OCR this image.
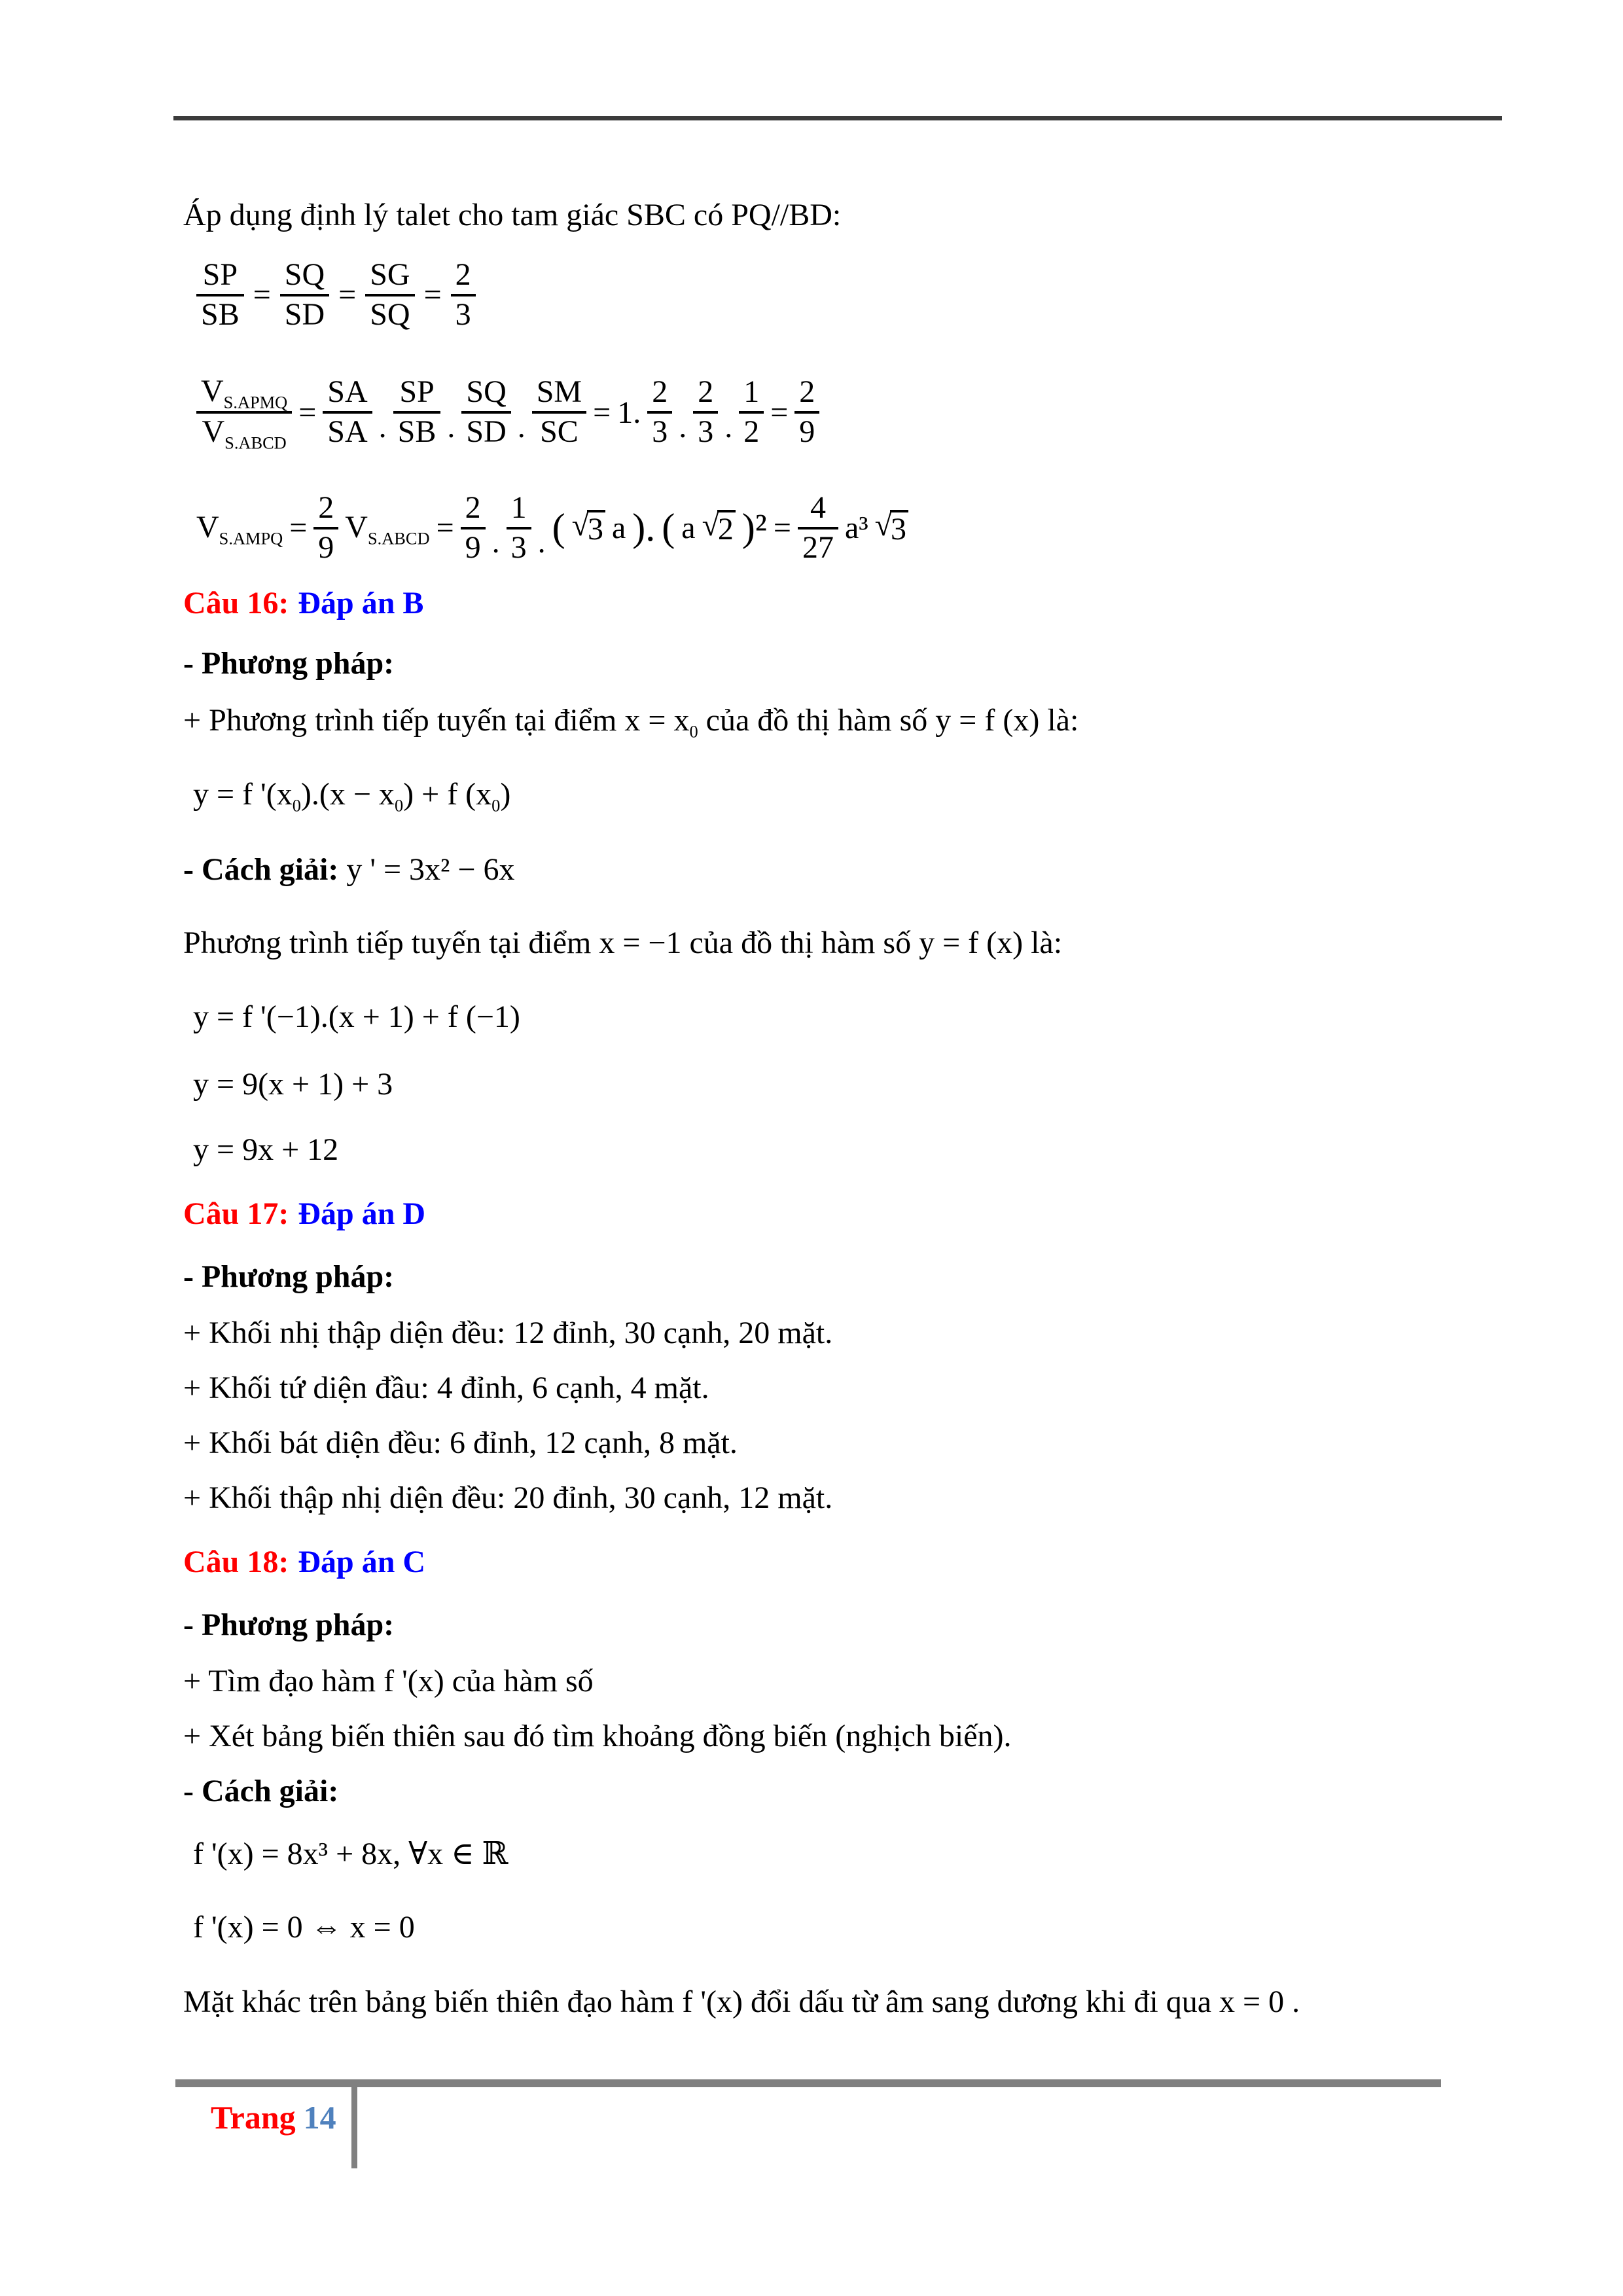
Áp dụng định lý talet cho tam giác SBC có PQ//BD:
$\frac{SP}{SB} = \frac{SQ}{SD} = \frac{SG}{SQ} = \frac{2}{3}$
$\frac{V_{S.APMQ}}{V_{S.ABCD}} = \frac{SA}{SA}$ . $\frac{SP}{SB}$ . $\frac{SQ}{SD}$ . $\frac{SM}{SC} = 1$. $\frac{2}{3}$ . $\frac{2}{3}$ . $\frac{1}{2} = \frac{2}{9}$
$V_{S.AMPQ} = \frac{2}{9} V_{S.ABCD} = \frac{2}{9}$ . $\frac{1}{3}$ . ( √
3 a ). ( a √
2 )$^2 = \frac{4}{27} a^3$ √
3
Câu 16: Đáp án B
- Phương pháp:
+ Phương trình tiếp tuyến tại điểm $x = x_0$ của đồ thị hàm số y = f (x) là:
y = f '$(x_0).(x - x_0) + f$ $(x_0)$
- Cách giải: y ' = 3x² − 6x
Phương trình tiếp tuyến tại điểm x = −1 của đồ thị hàm số y = f (x) là:
y = f '(−1).(x + 1) + f (−1)
y = 9(x + 1) + 3
y = 9x + 12
Câu 17: Đáp án D
- Phương pháp:
+ Khối nhị thập diện đều: 12 đỉnh, 30 cạnh, 20 mặt.
+ Khối tứ diện đầu: 4 đỉnh, 6 cạnh, 4 mặt.
+ Khối bát diện đều: 6 đỉnh, 12 cạnh, 8 mặt.
+ Khối thập nhị diện đều: 20 đỉnh, 30 cạnh, 12 mặt.
Câu 18: Đáp án C
- Phương pháp:
+ Tìm đạo hàm f '(x) của hàm số
+ Xét bảng biến thiên sau đó tìm khoảng đồng biến (nghịch biến).
- Cách giải:
f '(x) = 8x³ + 8x, ∀x ∈ ℝ
f '(x) = 0 ⇔ x = 0
Mặt khác trên bảng biến thiên đạo hàm f '(x) đổi dấu từ âm sang dương khi đi qua x = 0 .
Trang 14
